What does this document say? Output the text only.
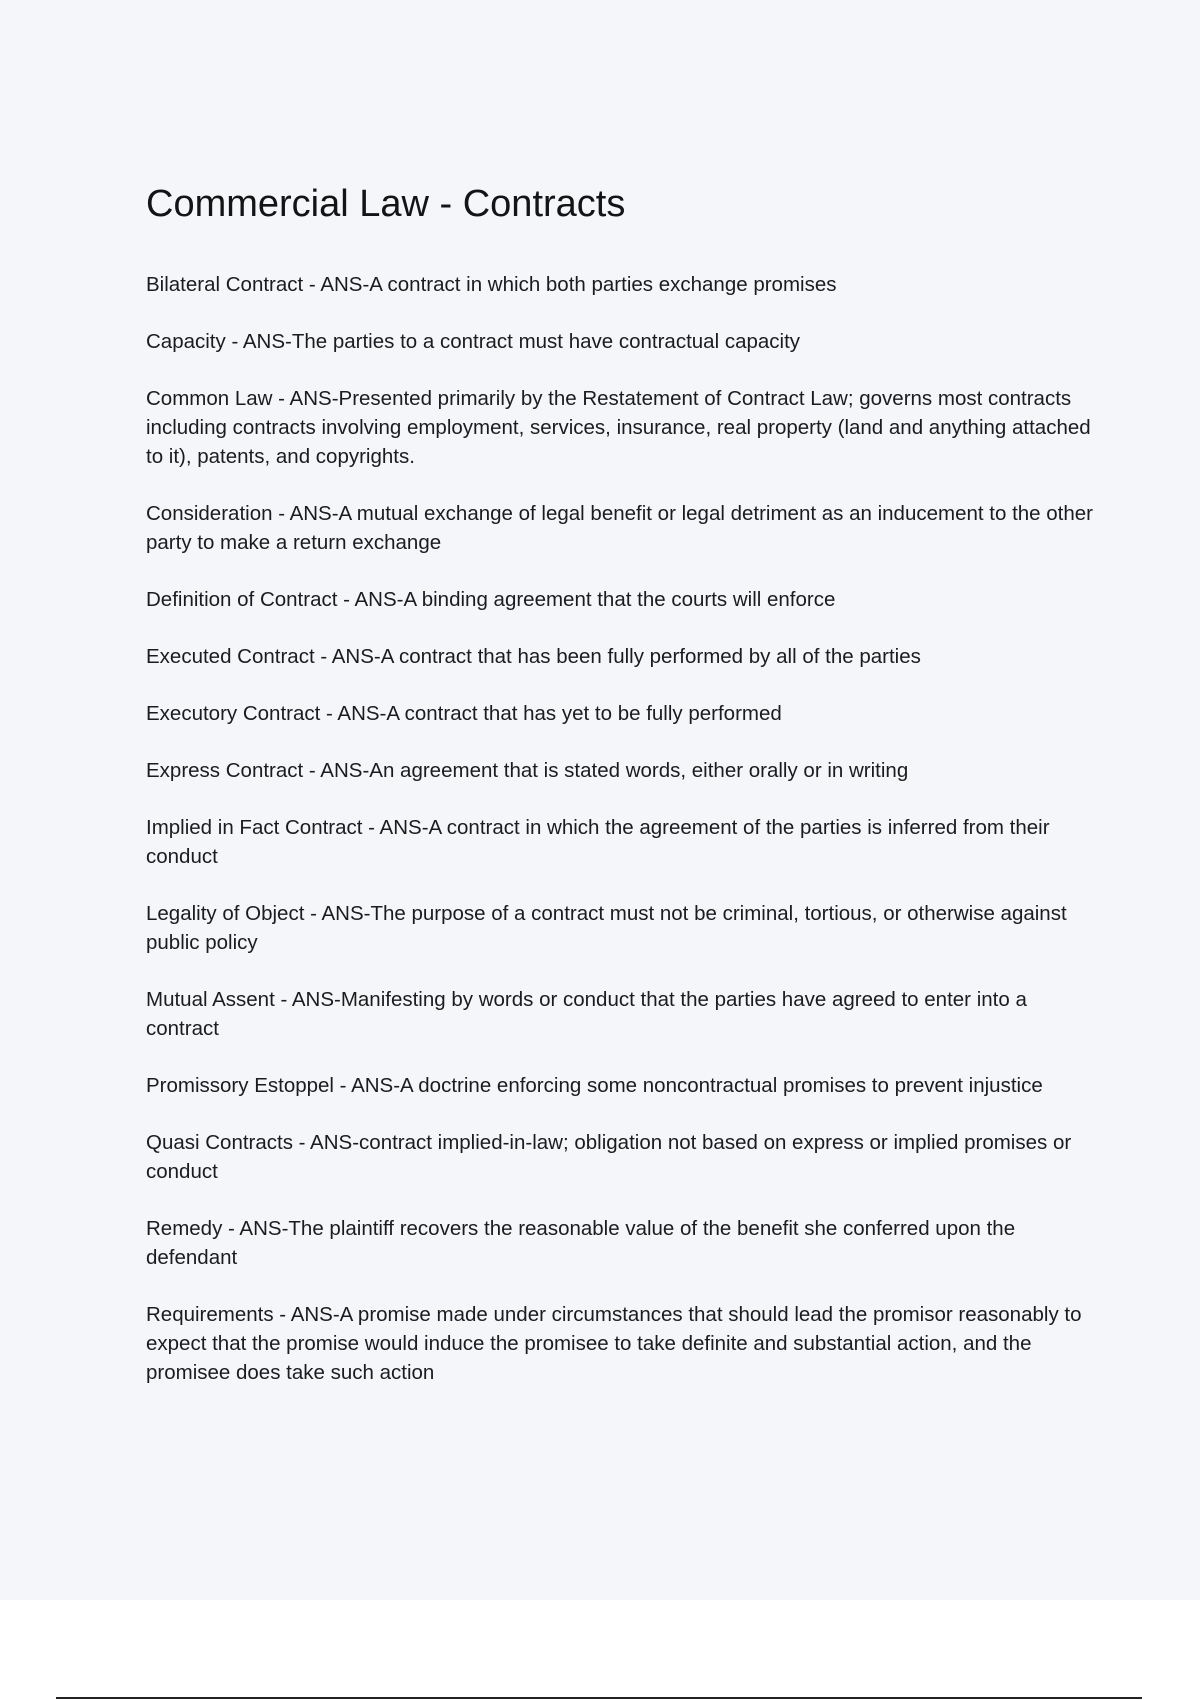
Commercial Law - Contracts

Bilateral Contract - ANS-A contract in which both parties exchange promises

Capacity - ANS-The parties to a contract must have contractual capacity

Common Law - ANS-Presented primarily by the Restatement of Contract Law; governs most contracts including contracts involving employment, services, insurance, real property (land and anything attached to it), patents, and copyrights.

Consideration - ANS-A mutual exchange of legal benefit or legal detriment as an inducement to the other party to make a return exchange

Definition of Contract - ANS-A binding agreement that the courts will enforce

Executed Contract - ANS-A contract that has been fully performed by all of the parties

Executory Contract - ANS-A contract that has yet to be fully performed

Express Contract - ANS-An agreement that is stated words, either orally or in writing

Implied in Fact Contract - ANS-A contract in which the agreement of the parties is inferred from their conduct

Legality of Object - ANS-The purpose of a contract must not be criminal, tortious, or otherwise against public policy

Mutual Assent - ANS-Manifesting by words or conduct that the parties have agreed to enter into a contract

Promissory Estoppel - ANS-A doctrine enforcing some noncontractual promises to prevent injustice

Quasi Contracts - ANS-contract implied-in-law; obligation not based on express or implied promises or conduct

Remedy - ANS-The plaintiff recovers the reasonable value of the benefit she conferred upon the defendant

Requirements - ANS-A promise made under circumstances that should lead the promisor reasonably to expect that the promise would induce the promisee to take definite and substantial action, and the promisee does take such action
